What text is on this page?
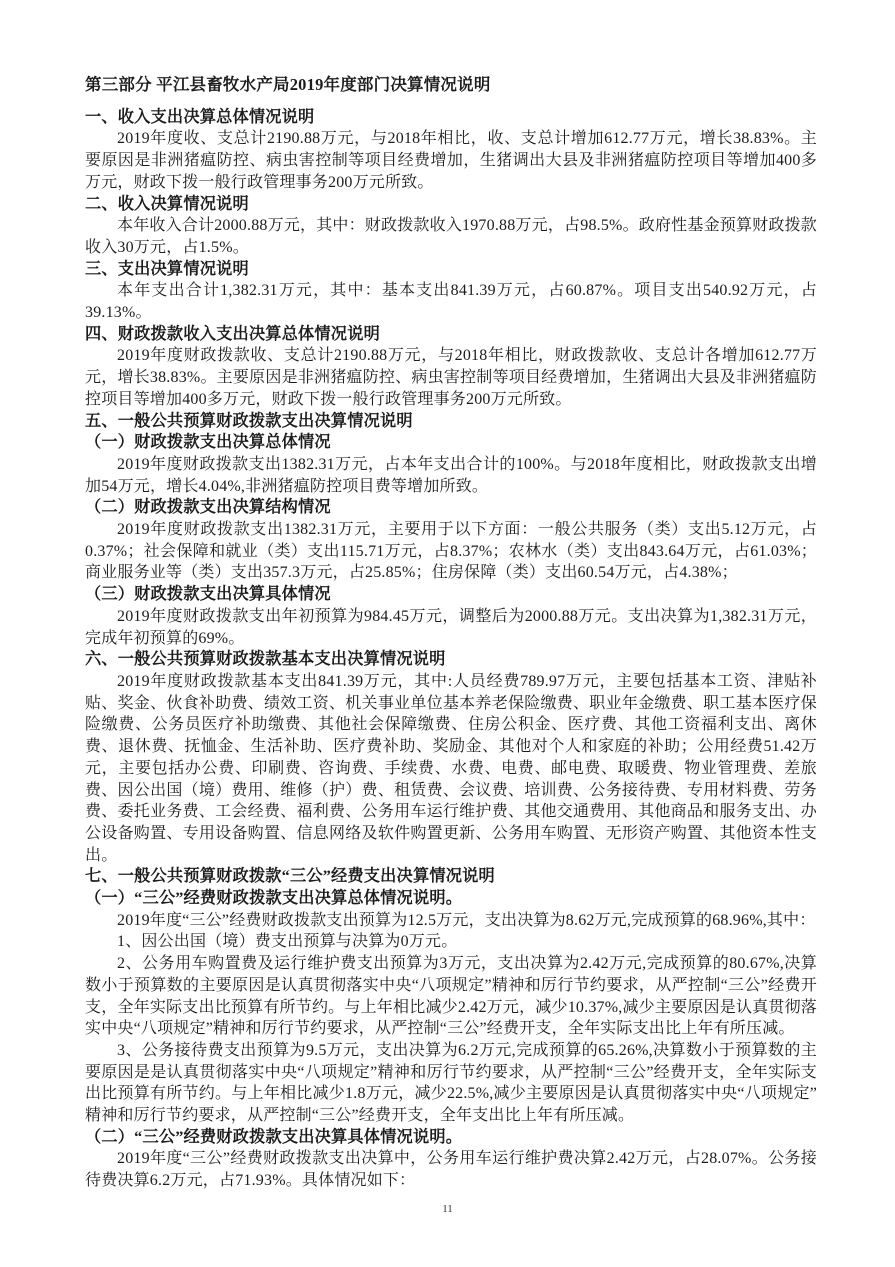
第三部分 平江县畜牧水产局2019年度部门决算情况说明
一、收入支出决算总体情况说明
2019年度收、支总计2190.88万元，与2018年相比，收、支总计增加612.77万元，增长38.83%。主要原因是非洲猪瘟防控、病虫害控制等项目经费增加，生猪调出大县及非洲猪瘟防控项目等增加400多万元，财政下拨一般行政管理事务200万元所致。
二、收入决算情况说明
本年收入合计2000.88万元，其中：财政拨款收入1970.88万元，占98.5%。政府性基金预算财政拨款收入30万元，占1.5%。
三、支出决算情况说明
本年支出合计1,382.31万元，其中：基本支出841.39万元，占60.87%。项目支出540.92万元，占39.13%。
四、财政拨款收入支出决算总体情况说明
2019年度财政拨款收、支总计2190.88万元，与2018年相比，财政拨款收、支总计各增加612.77万元，增长38.83%。主要原因是非洲猪瘟防控、病虫害控制等项目经费增加，生猪调出大县及非洲猪瘟防控项目等增加400多万元，财政下拨一般行政管理事务200万元所致。
五、一般公共预算财政拨款支出决算情况说明
（一）财政拨款支出决算总体情况
2019年度财政拨款支出1382.31万元，占本年支出合计的100%。与2018年度相比，财政拨款支出增加54万元，增长4.04%,非洲猪瘟防控项目费等增加所致。
（二）财政拨款支出决算结构情况
2019年度财政拨款支出1382.31万元，主要用于以下方面：一般公共服务（类）支出5.12万元，占0.37%；社会保障和就业（类）支出115.71万元，占8.37%；农林水（类）支出843.64万元，占61.03%；商业服务业等（类）支出357.3万元，占25.85%；住房保障（类）支出60.54万元，占4.38%；
（三）财政拨款支出决算具体情况
2019年度财政拨款支出年初预算为984.45万元，调整后为2000.88万元。支出决算为1,382.31万元，完成年初预算的69%。
六、一般公共预算财政拨款基本支出决算情况说明
2019年度财政拨款基本支出841.39万元，其中:人员经费789.97万元，主要包括基本工资、津贴补贴、奖金、伙食补助费、绩效工资、机关事业单位基本养老保险缴费、职业年金缴费、职工基本医疗保险缴费、公务员医疗补助缴费、其他社会保障缴费、住房公积金、医疗费、其他工资福利支出、离休费、退休费、抚恤金、生活补助、医疗费补助、奖励金、其他对个人和家庭的补助；公用经费51.42万元，主要包括办公费、印刷费、咨询费、手续费、水费、电费、邮电费、取暖费、物业管理费、差旅费、因公出国（境）费用、维修（护）费、租赁费、会议费、培训费、公务接待费、专用材料费、劳务费、委托业务费、工会经费、福利费、公务用车运行维护费、其他交通费用、其他商品和服务支出、办公设备购置、专用设备购置、信息网络及软件购置更新、公务用车购置、无形资产购置、其他资本性支出。
七、一般公共预算财政拨款“三公”经费支出决算情况说明
（一）“三公”经费财政拨款支出决算总体情况说明。
2019年度“三公”经费财政拨款支出预算为12.5万元，支出决算为8.62万元,完成预算的68.96%,其中：
1、因公出国（境）费支出预算与决算为0万元。
2、公务用车购置费及运行维护费支出预算为3万元，支出决算为2.42万元,完成预算的80.67%,决算数小于预算数的主要原因是认真贯彻落实中央“八项规定”精神和厉行节约要求，从严控制“三公”经费开支，全年实际支出比预算有所节约。与上年相比减少2.42万元，减少10.37%,减少主要原因是认真贯彻落实中央“八项规定”精神和厉行节约要求，从严控制“三公”经费开支，全年实际支出比上年有所压减。
3、公务接待费支出预算为9.5万元，支出决算为6.2万元,完成预算的65.26%,决算数小于预算数的主要原因是是认真贯彻落实中央“八项规定”精神和厉行节约要求，从严控制“三公”经费开支，全年实际支出比预算有所节约。与上年相比减少1.8万元，减少22.5%,减少主要原因是认真贯彻落实中央“八项规定”精神和厉行节约要求，从严控制“三公”经费开支，全年支出比上年有所压减。
（二）“三公”经费财政拨款支出决算具体情况说明。
2019年度“三公”经费财政拨款支出决算中，公务用车运行维护费决算2.42万元，占28.07%。公务接待费决算6.2万元，占71.93%。具体情况如下：
11
